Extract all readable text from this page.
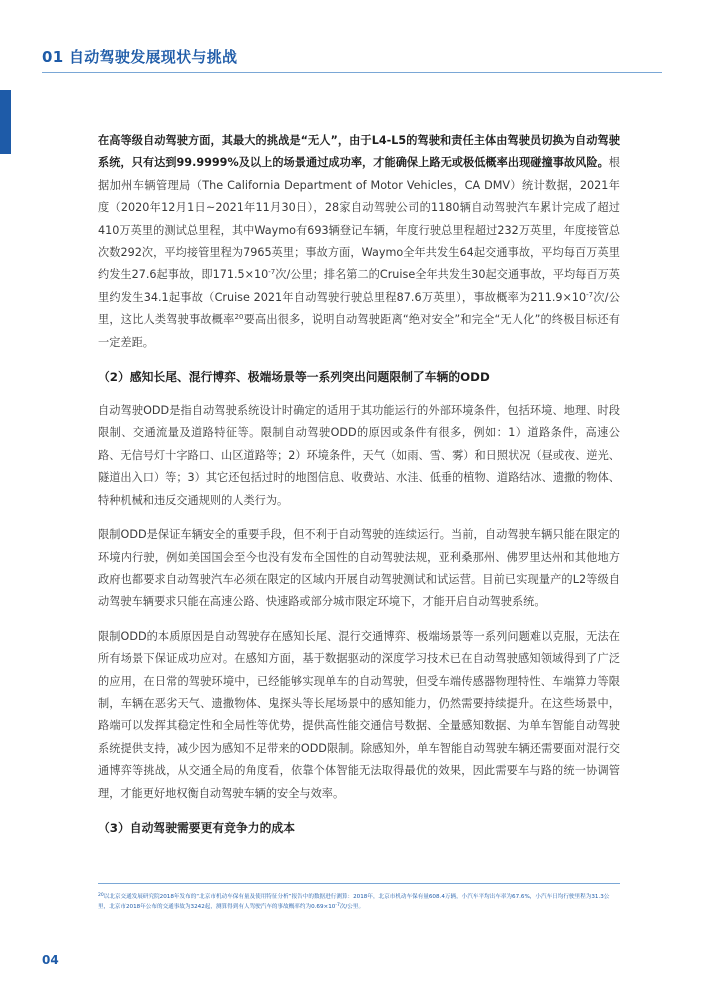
01 自动驾驶发展现状与挑战

在高等级自动驾驶方面，其最大的挑战是“无人”，由于L4-L5的驾驶和责任主体由驾驶员切换为自动驾驶系统，只有达到99.9999%及以上的场景通过成功率，才能确保上路无或极低概率出现碰撞事故风险。根据加州车辆管理局（The California Department of Motor Vehicles，CA DMV）统计数据，2021年度（2020年12月1日~2021年11月30日），28家自动驾驶公司的1180辆自动驾驶汽车累计完成了超过410万英里的测试总里程，其中Waymo有693辆登记车辆，年度行驶总里程超过232万英里，年度接管总次数292次，平均接管里程为7965英里；事故方面，Waymo全年共发生64起交通事故，平均每百万英里约发生27.6起事故，即$171.5\times 10^{-7}$次/公里；排名第二的Cruise全年共发生30起交通事故，平均每百万英里约发生34.1起事故（Cruise 2021年自动驾驶行驶总里程87.6万英里），事故概率为$211.9\times 10^{-7}$次/公里，这比人类驾驶事故概率$^{20}$要高出很多，说明自动驾驶距离“绝对安全”和完全“无人化”的终极目标还有一定差距。

（2）感知长尾、混行博弈、极端场景等一系列突出问题限制了车辆的ODD

自动驾驶ODD是指自动驾驶系统设计时确定的适用于其功能运行的外部环境条件，包括环境、地理、时段限制、交通流量及道路特征等。限制自动驾驶ODD的原因或条件有很多，例如：1）道路条件，高速公路、无信号灯十字路口、山区道路等；2）环境条件，天气（如雨、雪、雾）和日照状况（昼或夜、逆光、隧道出入口）等；3）其它还包括过时的地图信息、收费站、水洼、低垂的植物、道路结冰、遗撒的物体、特种机械和违反交通规则的人类行为。

限制ODD是保证车辆安全的重要手段，但不利于自动驾驶的连续运行。当前，自动驾驶车辆只能在限定的环境内行驶，例如美国国会至今也没有发布全国性的自动驾驶法规，亚利桑那州、佛罗里达州和其他地方政府也都要求自动驾驶汽车必须在限定的区域内开展自动驾驶测试和试运营。目前已实现量产的L2等级自动驾驶车辆要求只能在高速公路、快速路或部分城市限定环境下，才能开启自动驾驶系统。

限制ODD的本质原因是自动驾驶存在感知长尾、混行交通博弈、极端场景等一系列问题难以克服，无法在所有场景下保证成功应对。在感知方面，基于数据驱动的深度学习技术已在自动驾驶感知领域得到了广泛的应用，在日常的驾驶环境中，已经能够实现单车的自动驾驶，但受车端传感器物理特性、车端算力等限制，车辆在恶劣天气、遗撒物体、鬼探头等长尾场景中的感知能力，仍然需要持续提升。在这些场景中，路端可以发挥其稳定性和全局性等优势，提供高性能交通信号数据、全量感知数据、为单车智能自动驾驶系统提供支持，减少因为感知不足带来的ODD限制。除感知外，单车智能自动驾驶车辆还需要面对混行交通博弈等挑战，从交通全局的角度看，依靠个体智能无法取得最优的效果，因此需要车与路的统一协调管理，才能更好地权衡自动驾驶车辆的安全与效率。

（3）自动驾驶需要更有竞争力的成本
$^{20}$以北京交通发展研究院2018年发布的“北京市机动车保有量及使用特征分析”报告中的数据进行测算：2018年，北京市机动车保有量608.4万辆，小汽车平均出车率为67.6%，小汽车日均行驶里程为31.3公里，北京市2018年公布的交通事故为3242起，测算得到有人驾驶汽车的事故概率约为$0.69\times 10^{-7}$次/公里。
04
